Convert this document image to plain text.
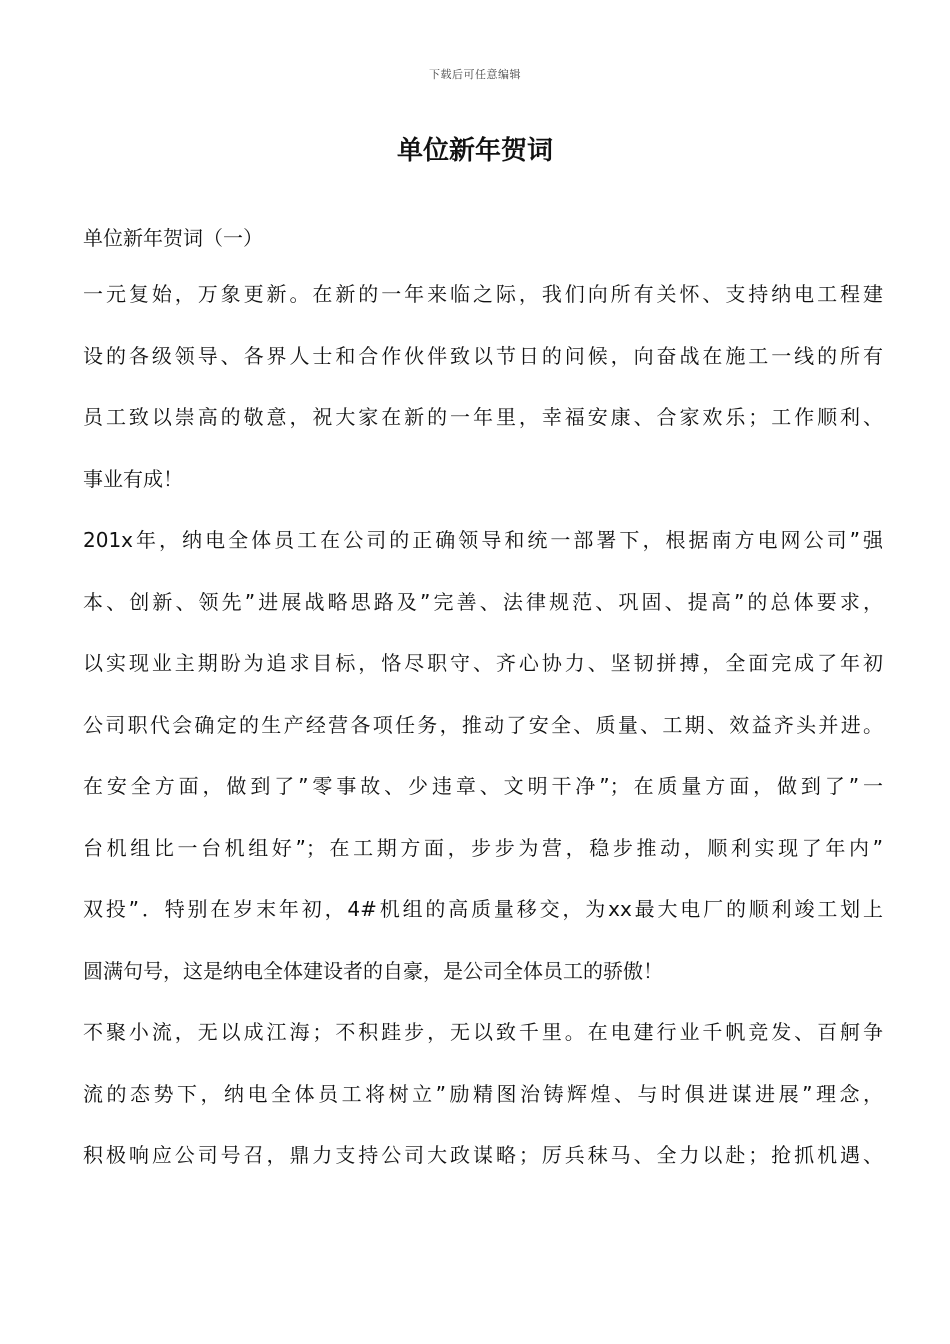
下载后可任意编辑
单位新年贺词
单位新年贺词（一）
一元复始，万象更新。在新的一年来临之际，我们向所有关怀、支持纳电工程建
设的各级领导、各界人士和合作伙伴致以节日的问候，向奋战在施工一线的所有
员工致以崇高的敬意，祝大家在新的一年里，幸福安康、合家欢乐；工作顺利、
事业有成！
201x年，纳电全体员工在公司的正确领导和统一部署下，根据南方电网公司”强
本、创新、领先”进展战略思路及”完善、法律规范、巩固、提高”的总体要求，
以实现业主期盼为追求目标，恪尽职守、齐心协力、坚韧拼搏，全面完成了年初
公司职代会确定的生产经营各项任务，推动了安全、质量、工期、效益齐头并进。
在安全方面，做到了”零事故、少违章、文明干净”；在质量方面，做到了”一
台机组比一台机组好”；在工期方面，步步为营，稳步推动，顺利实现了年内”
双投”．特别在岁末年初，4#机组的高质量移交，为xx最大电厂的顺利竣工划上
圆满句号，这是纳电全体建设者的自豪，是公司全体员工的骄傲！
不聚小流，无以成江海；不积跬步，无以致千里。在电建行业千帆竞发、百舸争
流的态势下，纳电全体员工将树立”励精图治铸辉煌、与时俱进谋进展”理念，
积极响应公司号召，鼎力支持公司大政谋略；厉兵秣马、全力以赴；抢抓机遇、
